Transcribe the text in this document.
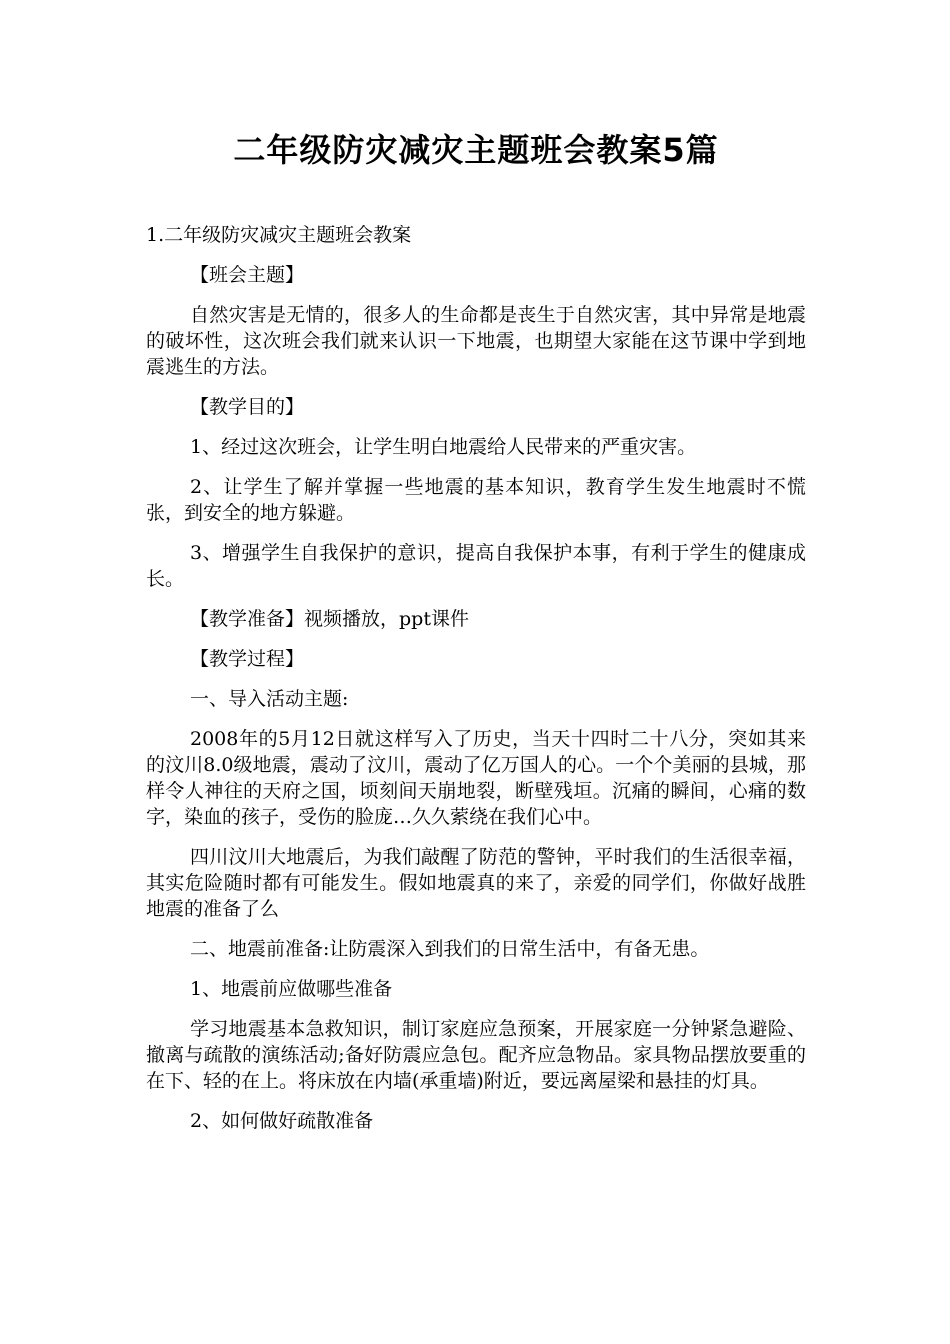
二年级防灾减灾主题班会教案5篇

1.二年级防灾减灾主题班会教案

【班会主题】

自然灾害是无情的，很多人的生命都是丧生于自然灾害，其中异常是地震的破坏性，这次班会我们就来认识一下地震，也期望大家能在这节课中学到地震逃生的方法。

【教学目的】

1、经过这次班会，让学生明白地震给人民带来的严重灾害。

2、让学生了解并掌握一些地震的基本知识，教育学生发生地震时不慌张，到安全的地方躲避。

3、增强学生自我保护的意识，提高自我保护本事，有利于学生的健康成长。

【教学准备】视频播放，ppt课件

【教学过程】

一、导入活动主题:

2008年的5月12日就这样写入了历史，当天十四时二十八分，突如其来的汶川8.0级地震，震动了汶川，震动了亿万国人的心。一个个美丽的县城，那样令人神往的天府之国，顷刻间天崩地裂，断壁残垣。沉痛的瞬间，心痛的数字，染血的孩子，受伤的脸庞…久久萦绕在我们心中。

四川汶川大地震后，为我们敲醒了防范的警钟，平时我们的生活很幸福，其实危险随时都有可能发生。假如地震真的来了，亲爱的同学们，你做好战胜地震的准备了么

二、地震前准备:让防震深入到我们的日常生活中，有备无患。

1、地震前应做哪些准备

学习地震基本急救知识，制订家庭应急预案，开展家庭一分钟紧急避险、撤离与疏散的演练活动;备好防震应急包。配齐应急物品。家具物品摆放要重的在下、轻的在上。将床放在内墙(承重墙)附近，要远离屋梁和悬挂的灯具。

2、如何做好疏散准备
